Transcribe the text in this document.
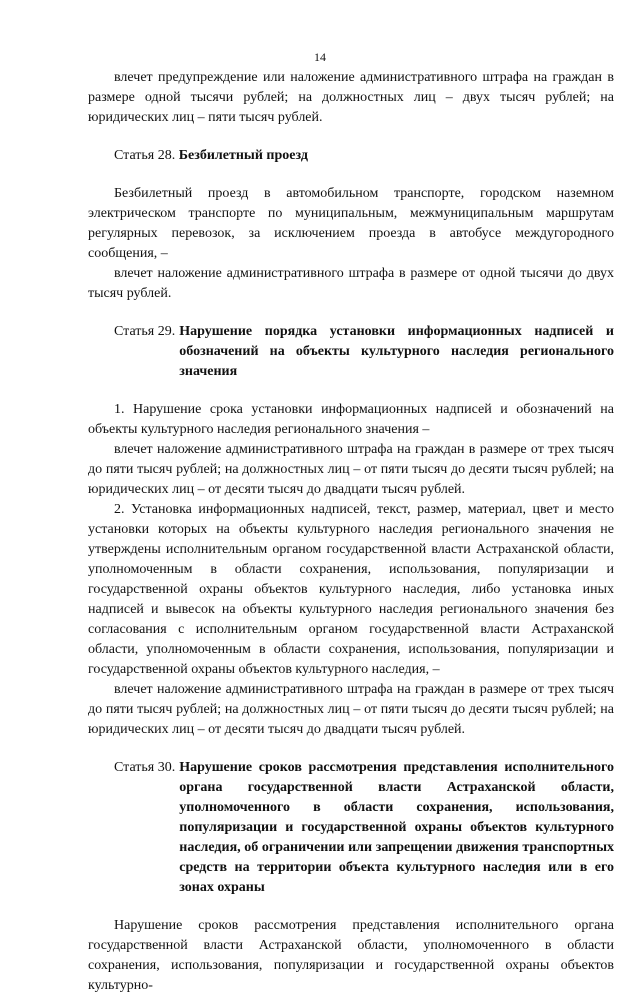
14

влечет предупреждение или наложение административного штрафа на граждан в размере одной тысячи рублей; на должностных лиц – двух тысяч рублей; на юридических лиц – пяти тысяч рублей.

Статья 28. Безбилетный проезд

Безбилетный проезд в автомобильном транспорте, городском наземном электрическом транспорте по муниципальным, межмуниципальным маршрутам регулярных перевозок, за исключением проезда в автобусе междугородного сообщения, –

влечет наложение административного штрафа в размере от одной тысячи до двух тысяч рублей.

Статья 29. Нарушение порядка установки информационных надписей и обозначений на объекты культурного наследия регионального значения

1. Нарушение срока установки информационных надписей и обозначений на объекты культурного наследия регионального значения –

влечет наложение административного штрафа на граждан в размере от трех тысяч до пяти тысяч рублей; на должностных лиц – от пяти тысяч до десяти тысяч рублей; на юридических лиц – от десяти тысяч до двадцати тысяч рублей.

2. Установка информационных надписей, текст, размер, материал, цвет и место установки которых на объекты культурного наследия регионального значения не утверждены исполнительным органом государственной власти Астраханской области, уполномоченным в области сохранения, использования, популяризации и государственной охраны объектов культурного наследия, либо установка иных надписей и вывесок на объекты культурного наследия регионального значения без согласования с исполнительным органом государственной власти Астраханской области, уполномоченным в области сохранения, использования, популяризации и государственной охраны объектов культурного наследия, –

влечет наложение административного штрафа на граждан в размере от трех тысяч до пяти тысяч рублей; на должностных лиц – от пяти тысяч до десяти тысяч рублей; на юридических лиц – от десяти тысяч до двадцати тысяч рублей.

Статья 30. Нарушение сроков рассмотрения представления исполнительного органа государственной власти Астраханской области, уполномоченного в области сохранения, использования, популяризации и государственной охраны объектов культурного наследия, об ограничении или запрещении движения транспортных средств на территории объекта культурного наследия или в его зонах охраны

Нарушение сроков рассмотрения представления исполнительного органа государственной власти Астраханской области, уполномоченного в области сохранения, использования, популяризации и государственной охраны объектов культурно-
